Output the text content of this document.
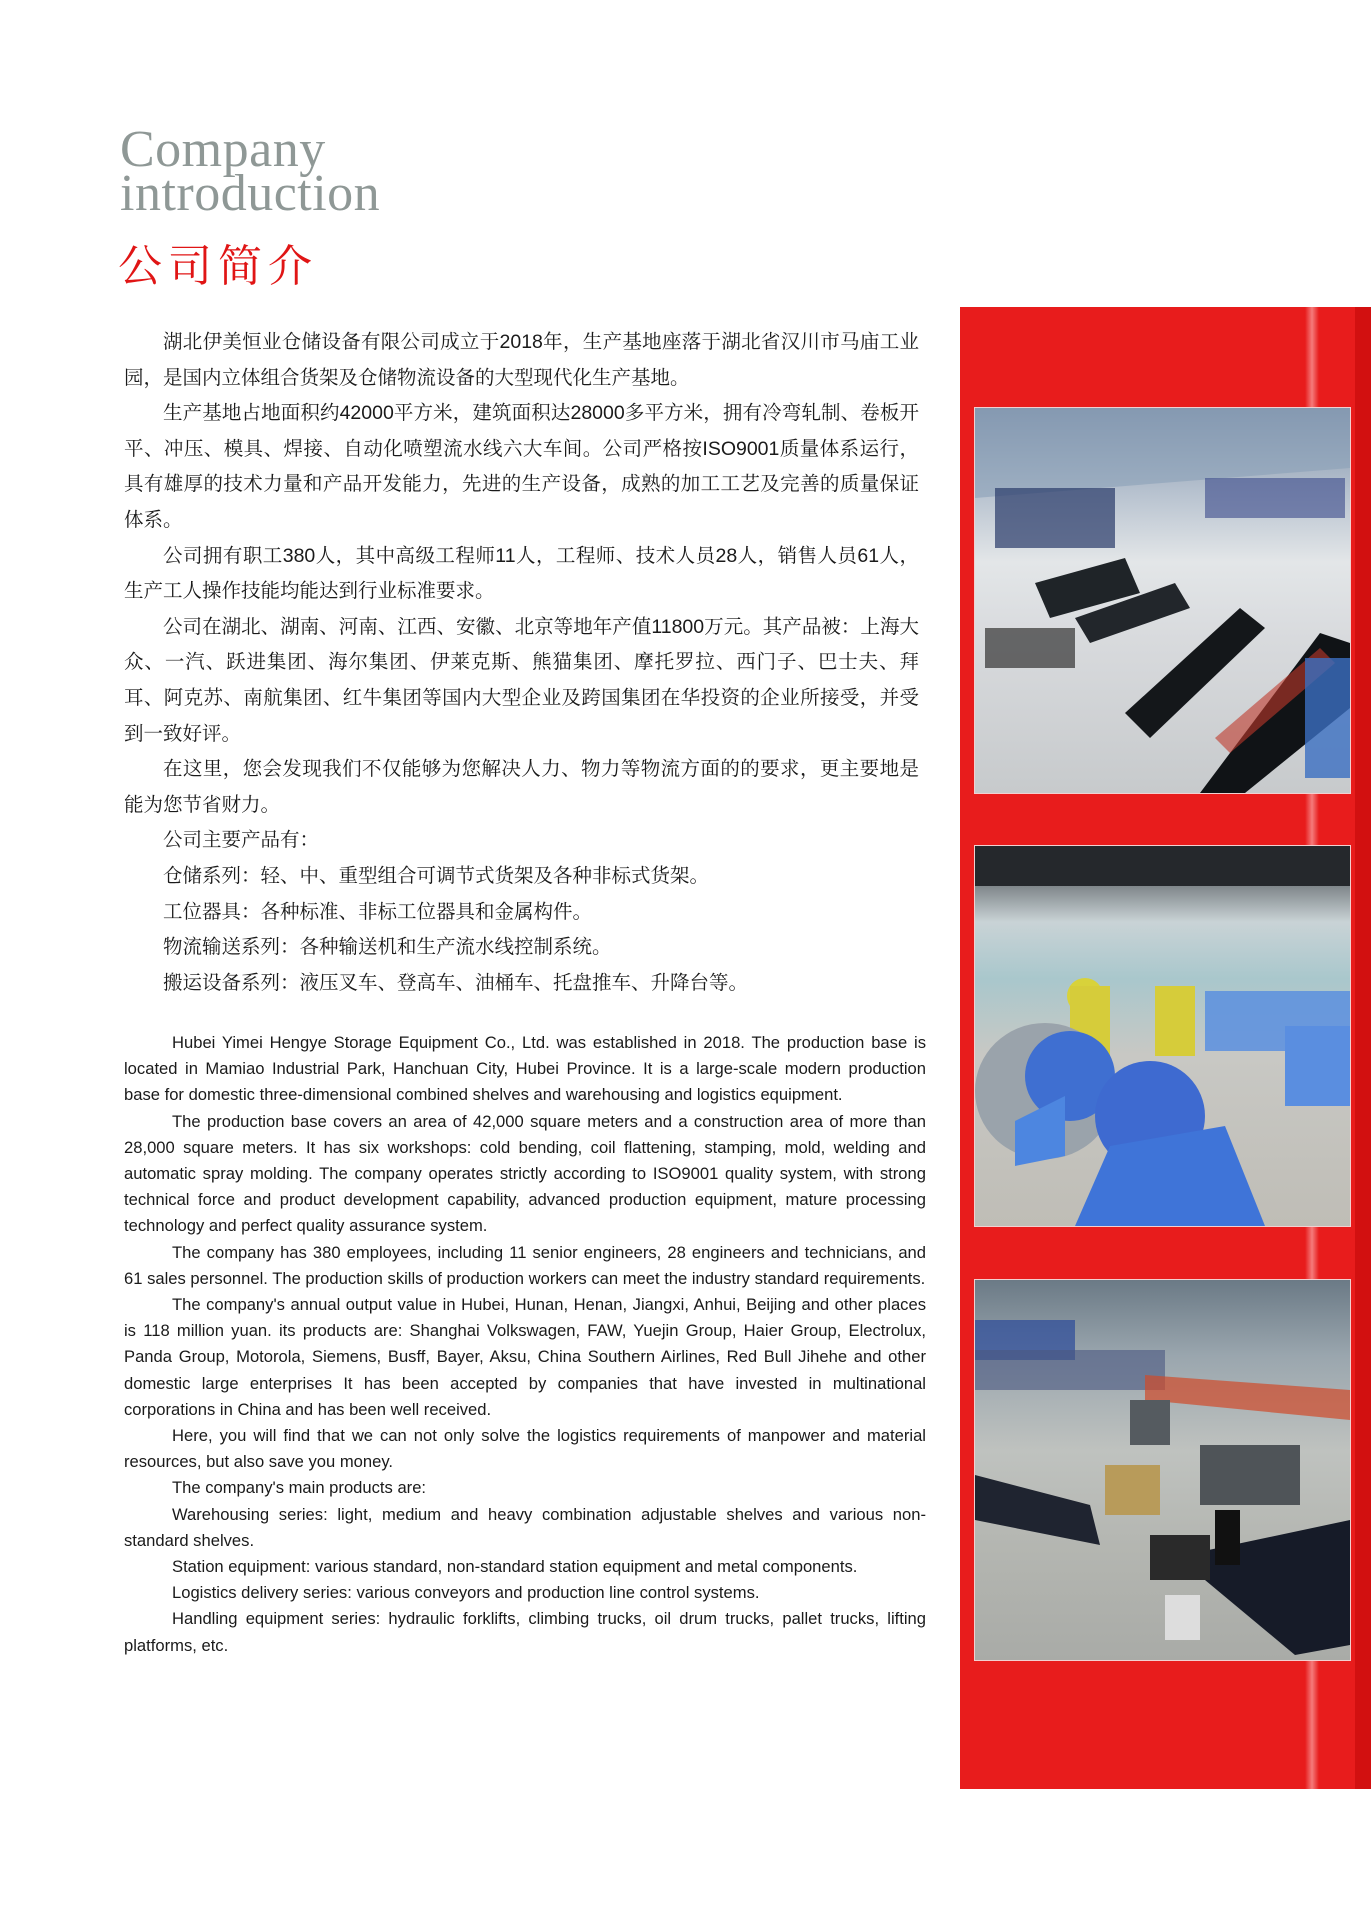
Company
introduction
公司简介

湖北伊美恒业仓储设备有限公司成立于2018年，生产基地座落于湖北省汉川市马庙工业园，是国内立体组合货架及仓储物流设备的大型现代化生产基地。

生产基地占地面积约42000平方米，建筑面积达28000多平方米，拥有冷弯轧制、卷板开平、冲压、模具、焊接、自动化喷塑流水线六大车间。公司严格按ISO9001质量体系运行，具有雄厚的技术力量和产品开发能力，先进的生产设备，成熟的加工工艺及完善的质量保证体系。

公司拥有职工380人，其中高级工程师11人，工程师、技术人员28人，销售人员61人，生产工人操作技能均能达到行业标准要求。

公司在湖北、湖南、河南、江西、安徽、北京等地年产值11800万元。其产品被：上海大众、一汽、跃进集团、海尔集团、伊莱克斯、熊猫集团、摩托罗拉、西门子、巴士夫、拜耳、阿克苏、南航集团、红牛集团等国内大型企业及跨国集团在华投资的企业所接受，并受到一致好评。

在这里，您会发现我们不仅能够为您解决人力、物力等物流方面的的要求，更主要地是能为您节省财力。

公司主要产品有：

仓储系列：轻、中、重型组合可调节式货架及各种非标式货架。

工位器具：各种标准、非标工位器具和金属构件。

物流输送系列：各种输送机和生产流水线控制系统。

搬运设备系列：液压叉车、登高车、油桶车、托盘推车、升降台等。

Hubei Yimei Hengye Storage Equipment Co., Ltd. was established in 2018. The production base is located in Mamiao Industrial Park, Hanchuan City, Hubei Province. It is a large-scale modern production base for domestic three-dimensional combined shelves and warehousing and logistics equipment.

The production base covers an area of 42,000 square meters and a construction area of more than 28,000 square meters. It has six workshops: cold bending, coil flattening, stamping, mold, welding and automatic spray molding. The company operates strictly according to ISO9001 quality system, with strong technical force and product development capability, advanced production equipment, mature processing technology and perfect quality assurance system.

The company has 380 employees, including 11 senior engineers, 28 engineers and technicians, and 61 sales personnel. The production skills of production workers can meet the industry standard requirements.

The company's annual output value in Hubei, Hunan, Henan, Jiangxi, Anhui, Beijing and other places is 118 million yuan. its products are: Shanghai Volkswagen, FAW, Yuejin Group, Haier Group, Electrolux, Panda Group, Motorola, Siemens, Busff, Bayer, Aksu, China Southern Airlines, Red Bull Jihehe and other domestic large enterprises It has been accepted by companies that have invested in multinational corporations in China and has been well received.

Here, you will find that we can not only solve the logistics requirements of manpower and material resources, but also save you money.

The company's main products are:

Warehousing series: light, medium and heavy combination adjustable shelves and various non-standard shelves.

Station equipment: various standard, non-standard station equipment and metal components.

Logistics delivery series: various conveyors and production line control systems.

Handling equipment series: hydraulic forklifts, climbing trucks, oil drum trucks, pallet trucks, lifting platforms, etc.
